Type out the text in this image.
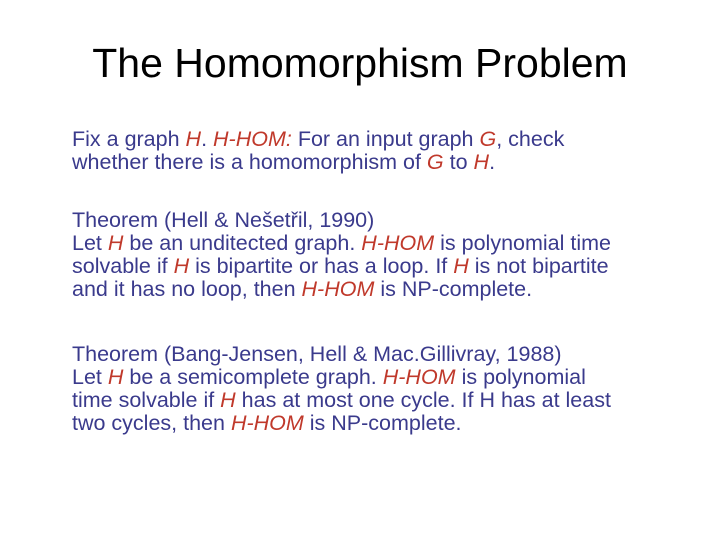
The Homomorphism Problem
Fix a graph H. H-HOM: For an input graph G, check
whether there is a homomorphism of G to H.
Theorem (Hell & Nešetřil, 1990)
Let H be an unditected graph. H-HOM is polynomial time
solvable if H is bipartite or has a loop. If H is not bipartite
and it has no loop, then H-HOM is NP-complete.
Theorem (Bang-Jensen, Hell & Mac.Gillivray, 1988)
Let H be a semicomplete graph. H-HOM is polynomial
time solvable if H has at most one cycle. If H has at least
two cycles, then H-HOM is NP-complete.
